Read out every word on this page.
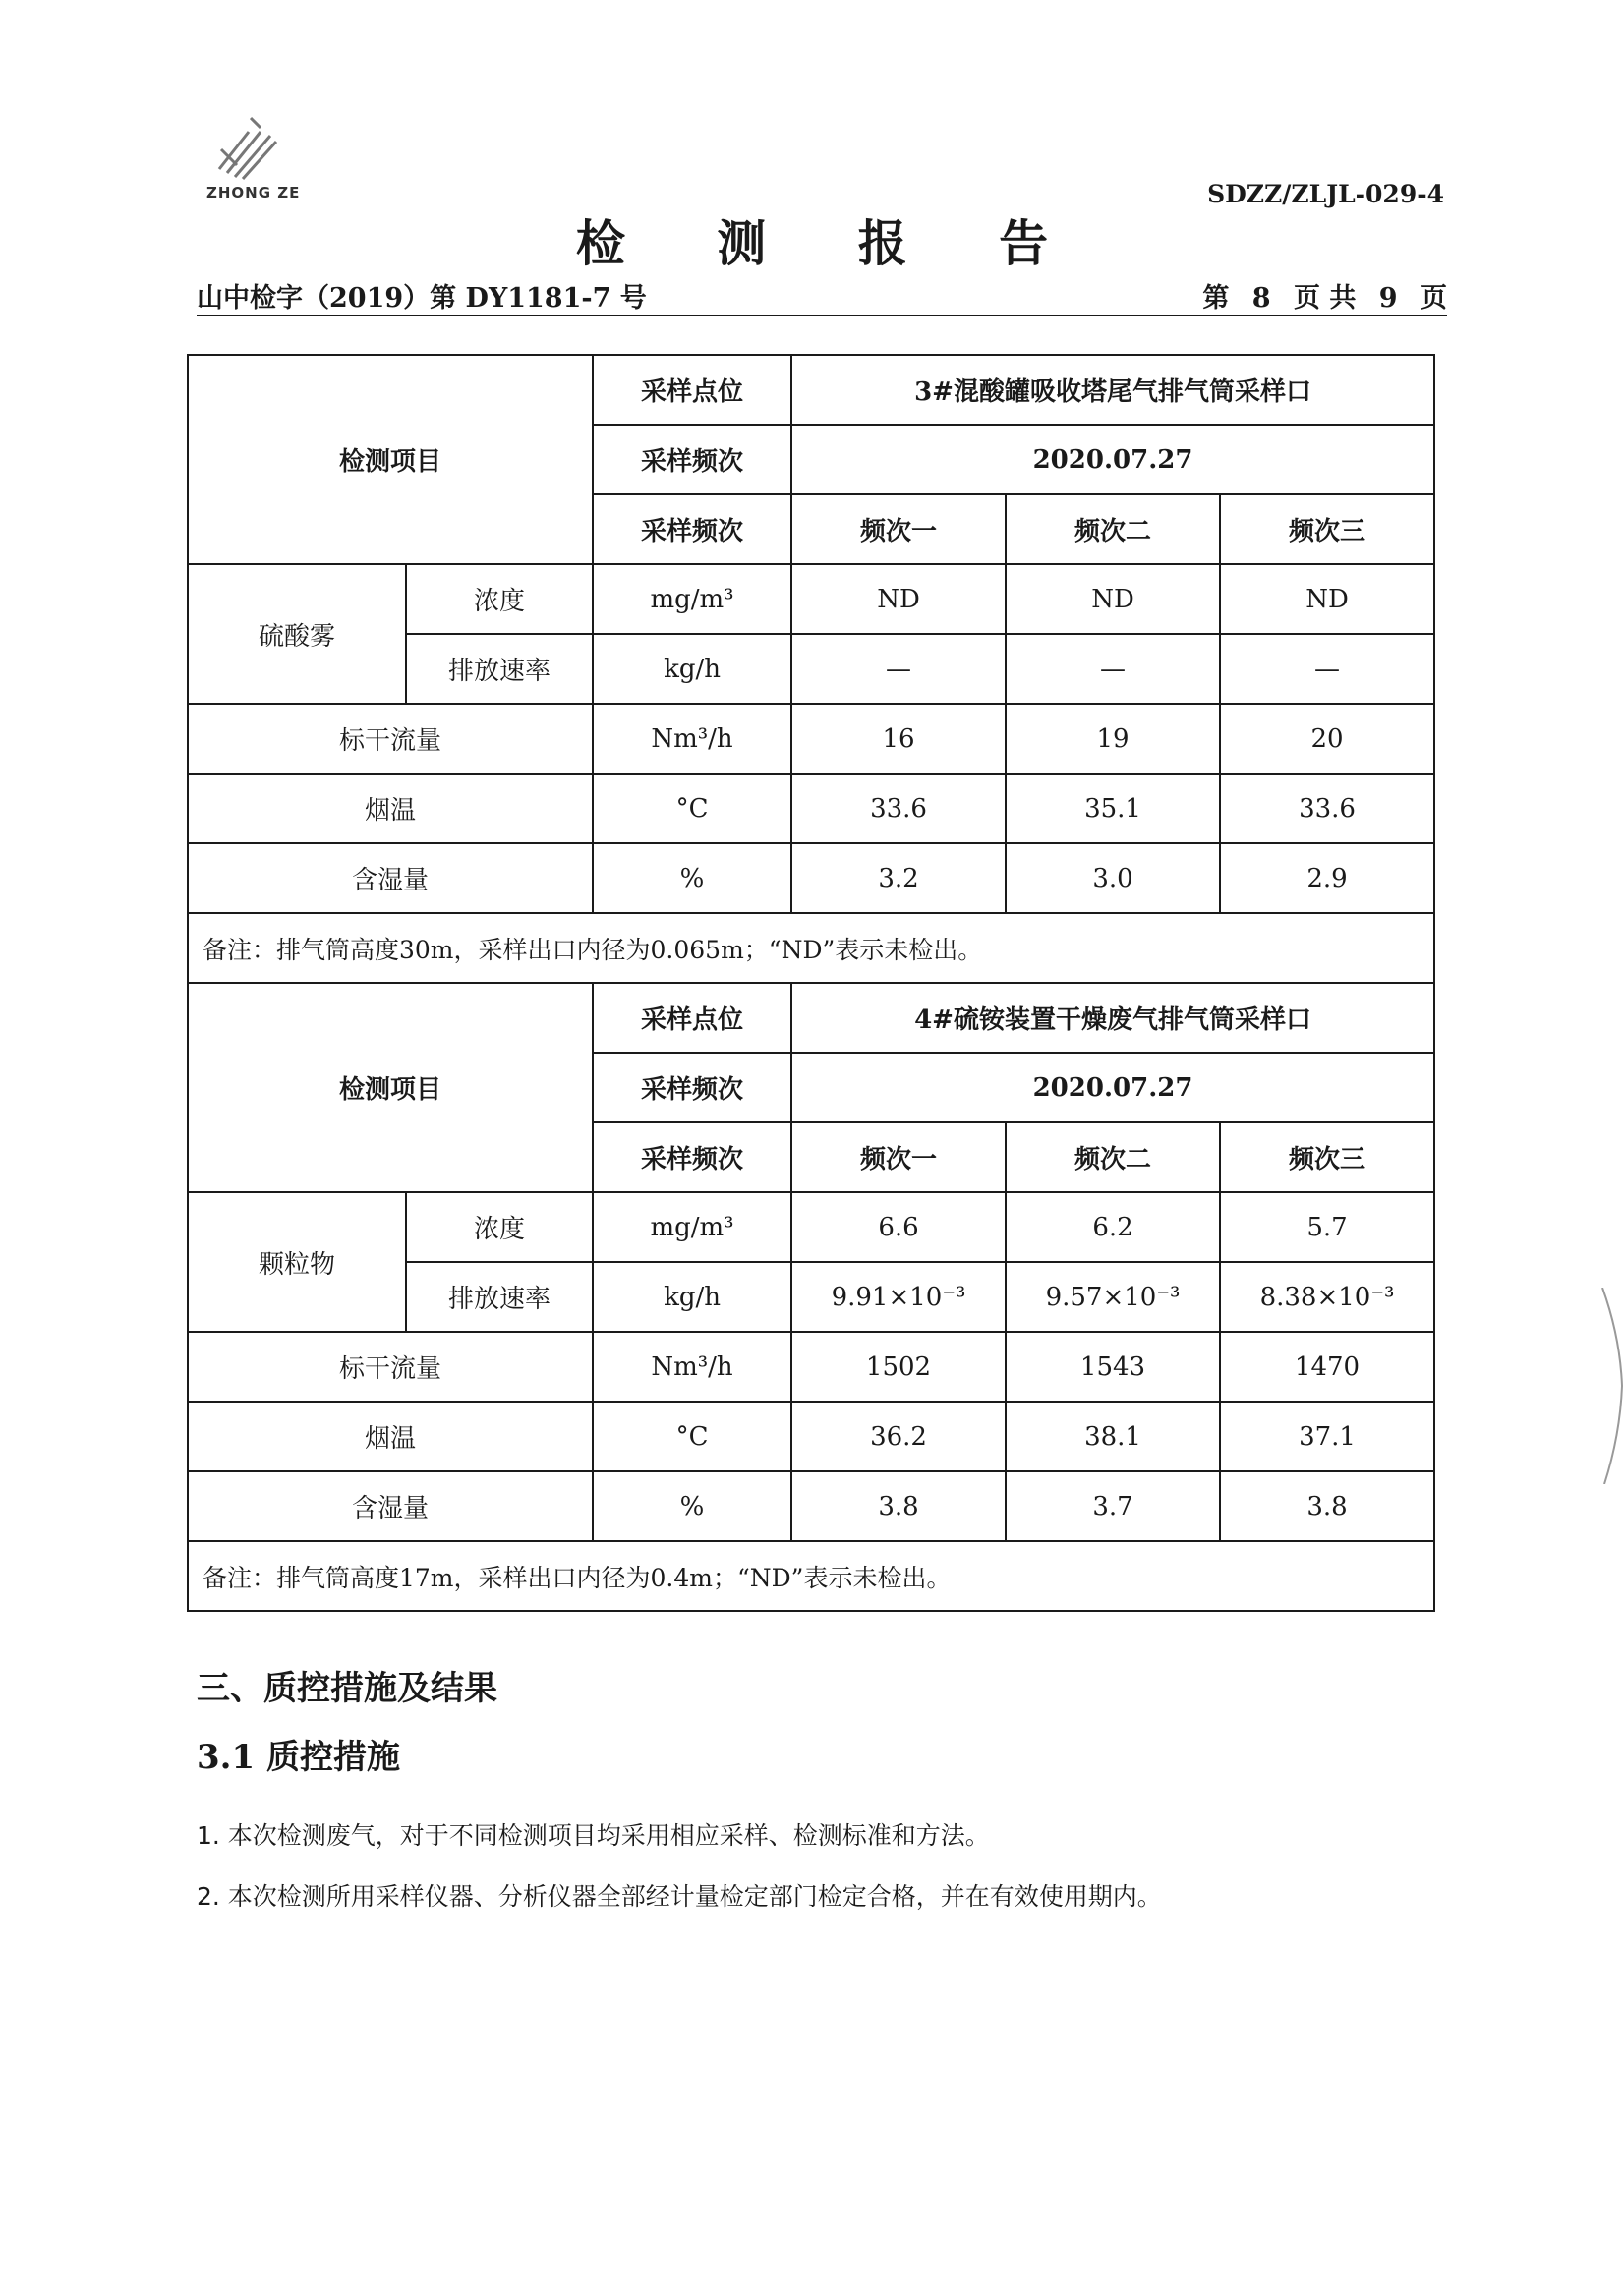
ZHONG ZE	SDZZ/ZLJL-029-4
检 测 报 告
山中检字（2019）第 DY1181-7 号	第 8 页 共 9 页
检测项目		采样点位	3#混酸罐吸收塔尾气排气筒采样口		
		采样频次	2020.07.27		
		采样频次	频次一	频次二	频次三
硫酸雾	浓度	mg/m³	ND	ND	ND
	排放速率	kg/h	—	—	—
标干流量		Nm³/h	16	19	20
烟温		°C	33.6	35.1	33.6
含湿量		%	3.2	3.0	2.9
备注：排气筒高度30m，采样出口内径为0.065m；“ND”表示未检出。					
检测项目		采样点位	4#硫铵装置干燥废气排气筒采样口		
		采样频次	2020.07.27		
		采样频次	频次一	频次二	频次三
颗粒物	浓度	mg/m³	6.6	6.2	5.7
	排放速率	kg/h	9.91×10⁻³	9.57×10⁻³	8.38×10⁻³
标干流量		Nm³/h	1502	1543	1470
烟温		°C	36.2	38.1	37.1
含湿量		%	3.8	3.7	3.8
备注：排气筒高度17m，采样出口内径为0.4m；“ND”表示未检出。					
三、质控措施及结果
3.1 质控措施
1. 本次检测废气，对于不同检测项目均采用相应采样、检测标准和方法。
2. 本次检测所用采样仪器、分析仪器全部经计量检定部门检定合格，并在有效使用期内。
